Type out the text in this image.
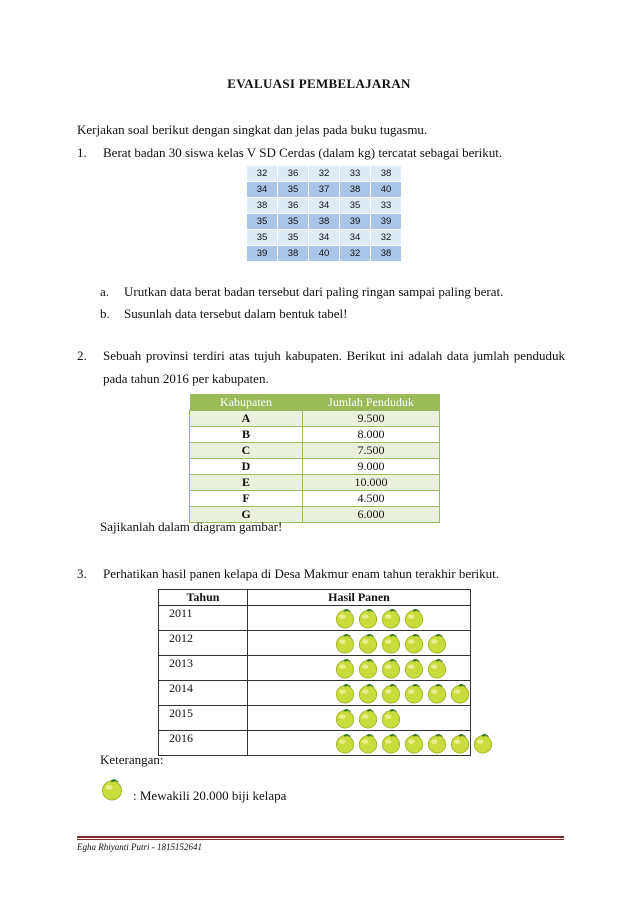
EVALUASI PEMBELAJARAN
Kerjakan soal berikut dengan singkat dan jelas pada buku tugasmu.
1. Berat badan 30 siswa kelas V SD Cerdas (dalam kg) tercatat sebagai berikut.
32	36	32	33	38
34	35	37	38	40
38	36	34	35	33
35	35	38	39	39
35	35	34	34	32
39	38	40	32	38
a. Urutkan data berat badan tersebut dari paling ringan sampai paling berat.
b. Susunlah data tersebut dalam bentuk tabel!
2. Sebuah provinsi terdiri atas tujuh kabupaten. Berikut ini adalah data jumlah penduduk
pada tahun 2016 per kabupaten.
Kabupaten	Jumlah Penduduk
A	9.500
B	8.000
C	7.500
D	9.000
E	10.000
F	4.500
G	6.000
Sajikanlah dalam diagram gambar!
3. Perhatikan hasil panen kelapa di Desa Makmur enam tahun terakhir berikut.
Tahun	Hasil Panen
2011	

2012	

2013	

2014	

2015	

2016	
Keterangan:
: Mewakili 20.000 biji kelapa
Egha Rhiyanti Putri - 1815152641
